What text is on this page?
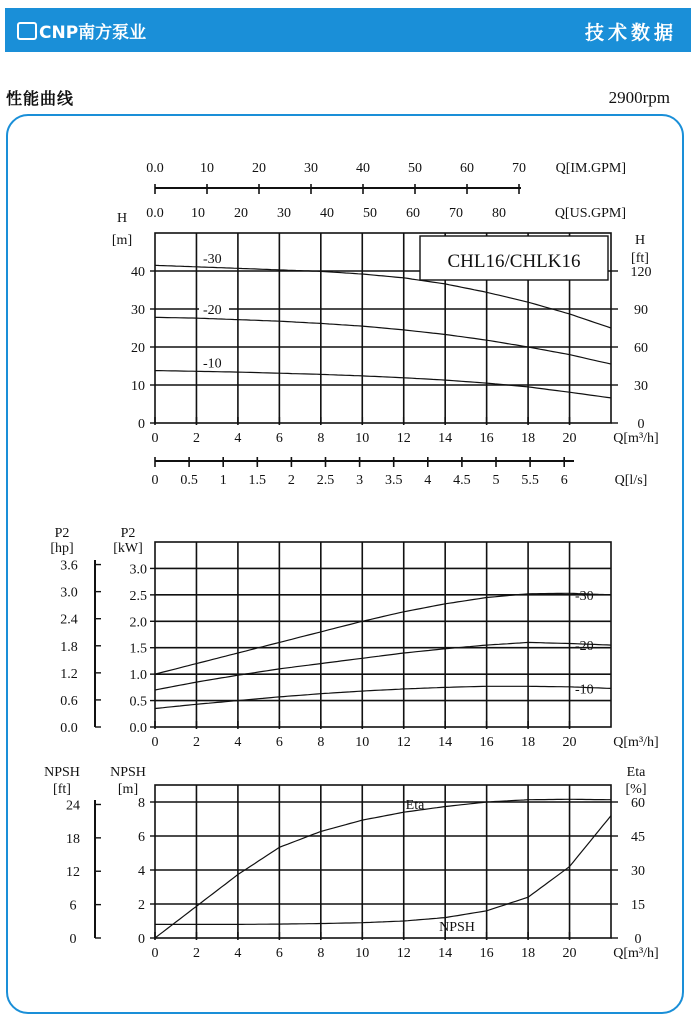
CNP南方泵业	技术数据
性能曲线	2900rpm
0.0	10	20	30	40	50	60	70 Q[IM.GPM]
0.0 10 20 30 40 50 60 70 80	Q[US.GPM]
CHL16/CHLK16
H
[m]
0
10
20
30
40
H
[ft]
0
30
60
90
120
-30
-20
-10
0 2 4 6 8 10 12 14 16 18 20	Q[m³/h]
0 0.5 1 1.5 2 2.5 3 3.5 4 4.5 5 5.5 6	Q[l/s]
P2
[kW]
0.0
0.5
1.0
1.5
2.0
2.5
3.0
P2
[hp]
0.0
0.6
1.2
1.8
2.4
3.0
3.6
-30
-20
-10
0 2 4 6 8 10 12 14 16 18 20	Q[m³/h]
NPSH
[m]
0
2
4
6
8
NPSH
[ft]
0
6
12
18
24
Eta
[%]
0
15
30
45
60
Eta
NPSH
0 2 4 6 8 10 12 14 16 18 20	Q[m³/h]
